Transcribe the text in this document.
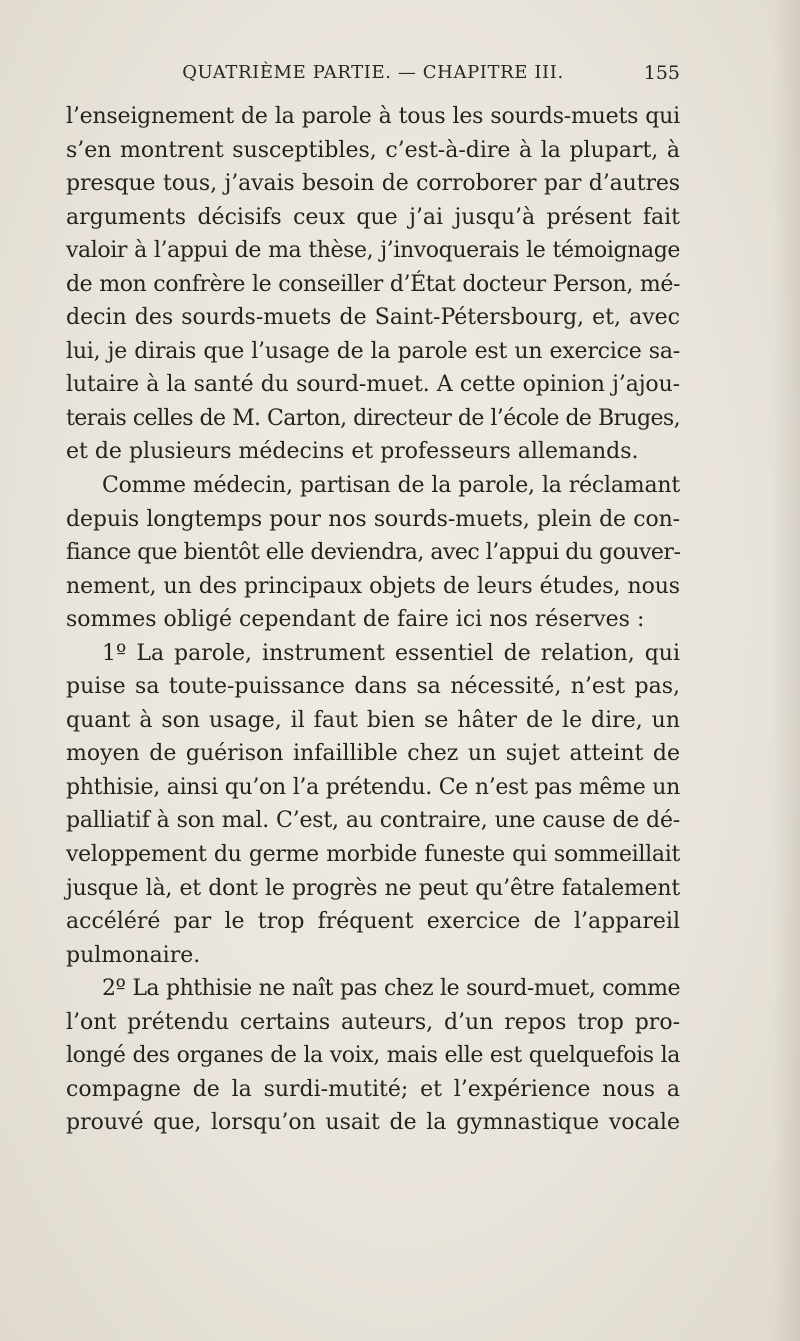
QUATRIÈME PARTIE. — CHAPITRE III.	155
l’enseignement de la parole à tous les sourds-muets qui
s’en montrent susceptibles, c’est-à-dire à la plupart, à
presque tous, j’avais besoin de corroborer par d’autres
arguments décisifs ceux que j’ai jusqu’à présent fait
valoir à l’appui de ma thèse, j’invoquerais le témoignage
de mon confrère le conseiller d’État docteur Person, mé-
decin des sourds-muets de Saint-Pétersbourg, et, avec
lui, je dirais que l’usage de la parole est un exercice sa-
lutaire à la santé du sourd-muet. A cette opinion j’ajou-
terais celles de M. Carton, directeur de l’école de Bruges,
et de plusieurs médecins et professeurs allemands.
Comme médecin, partisan de la parole, la réclamant
depuis longtemps pour nos sourds-muets, plein de con-
fiance que bientôt elle deviendra, avec l’appui du gouver-
nement, un des principaux objets de leurs études, nous
sommes obligé cependant de faire ici nos réserves :
1º La parole, instrument essentiel de relation, qui
puise sa toute-puissance dans sa nécessité, n’est pas,
quant à son usage, il faut bien se hâter de le dire, un
moyen de guérison infaillible chez un sujet atteint de
phthisie, ainsi qu’on l’a prétendu. Ce n’est pas même un
palliatif à son mal. C’est, au contraire, une cause de dé-
veloppement du germe morbide funeste qui sommeillait
jusque là, et dont le progrès ne peut qu’être fatalement
accéléré par le trop fréquent exercice de l’appareil
pulmonaire.
2º La phthisie ne naît pas chez le sourd-muet, comme
l’ont prétendu certains auteurs, d’un repos trop pro-
longé des organes de la voix, mais elle est quelquefois la
compagne de la surdi-mutité; et l’expérience nous a
prouvé que, lorsqu’on usait de la gymnastique vocale
